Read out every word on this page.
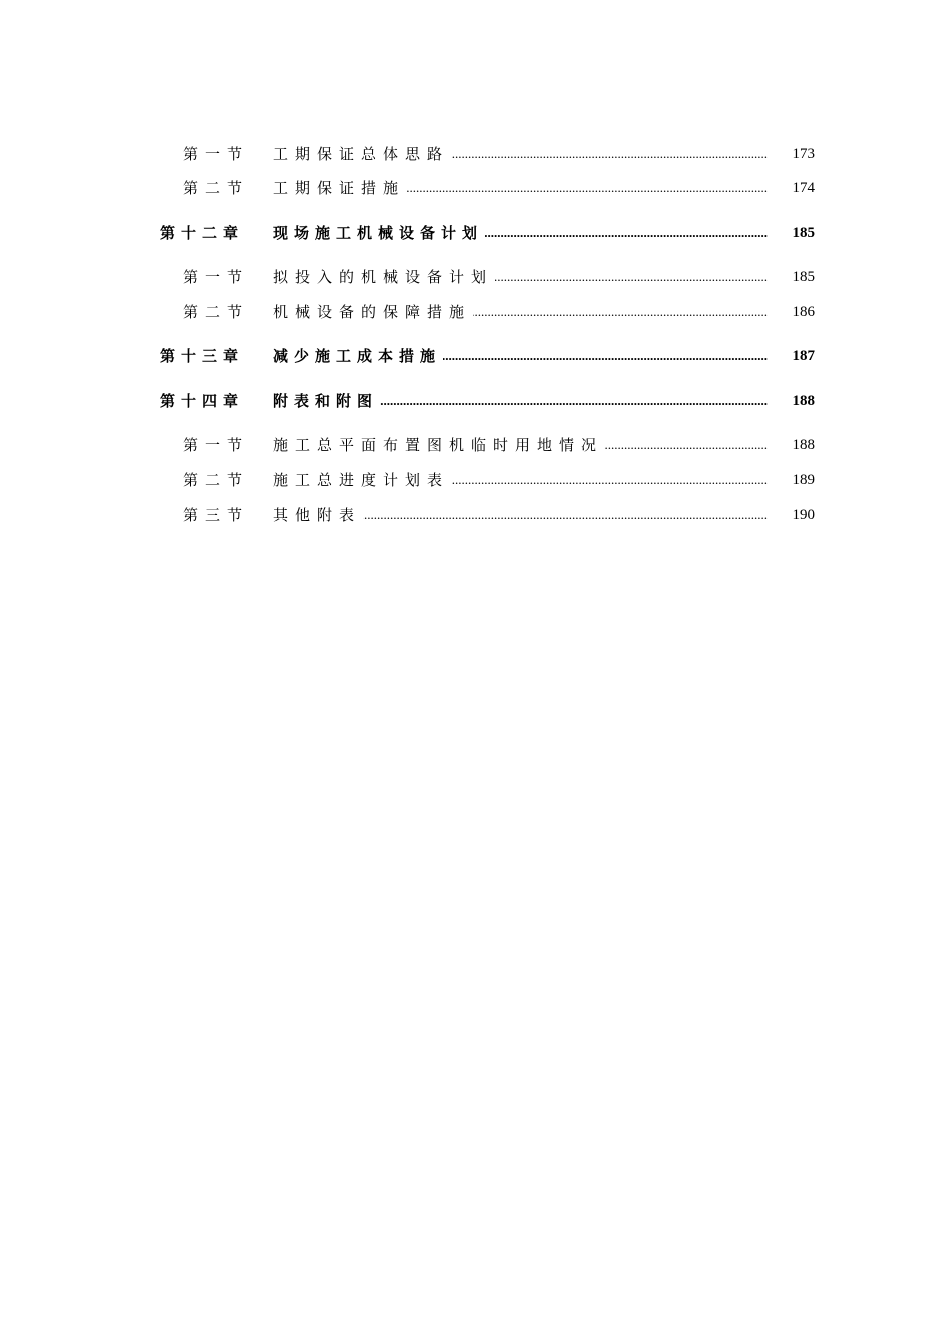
第一节 工期保证总体思路 .....	173
第二节 工期保证措施 .....	174
第十二章 现场施工机械设备计划 .....	185
第一节 拟投入的机械设备计划 .....	185
第二节 机械设备的保障措施 .....	186
第十三章 减少施工成本措施 .....	187
第十四章 附表和附图 .....	188
第一节 施工总平面布置图机临时用地情况 .....	188
第二节 施工总进度计划表 .....	189
第三节 其他附表 .....	190
